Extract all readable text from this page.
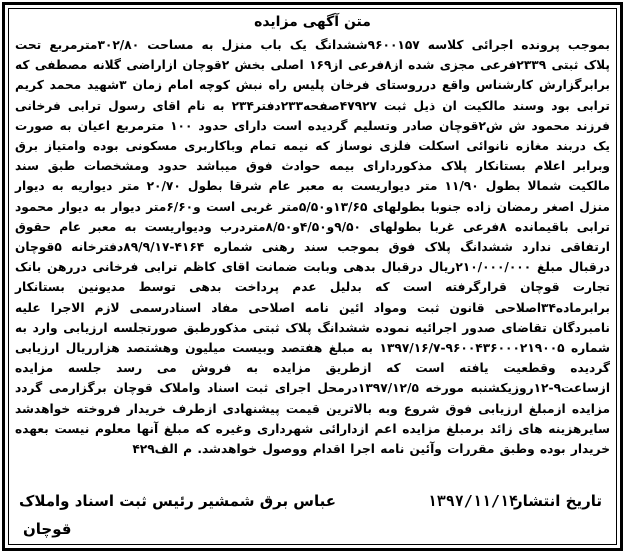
متن آگهی مزایده
بموجب پرونده اجرائی کلاسه ۹۶۰۰۱۵۷ششدانگ یک باب منزل به مساحت ۳۰۲/۸۰مترمربع تحت پلاک ثبتی ۲۳۳۹فرعی مجزی شده از۸فرعی از۱۶۹ اصلی بخش ۲قوچان ازاراضی گلانه مصطفی که برابرگزارش کارشناس واقع درروستای فرخان پلیس راه نبش کوچه امام زمان ۳شهید محمد کریم ترابی بود وسند مالکیت ان ذیل ثبت ۴۷۹۲۷صفحه۲۳۳دفتر۲۳۴ به نام اقای رسول ترابی فرخانی فرزند محمود ش ش۲قوچان صادر وتسلیم گردیده است دارای حدود ۱۰۰ مترمربع اعیان به صورت یک دربند مغازه نانوائی اسکلت فلزی نوساز که نیمه تمام وباکاربری مسکونی بوده وامتیاز برق وبرابر اعلام بستانکار پلاک مذکوردارای بیمه حوادث فوق میباشد حدود ومشخصات طبق سند مالکیت شمالا بطول ۱۱/۹۰ متر دیواریست به معبر عام شرقا بطول ۲۰/۷۰ متر دیواریه به دیوار منزل اصغر رمضان زاده جنوبا بطولهای ۱۳/۶۵و۵/۵۰متر غربی است و۶/۶۰متر دیوار به دیوار محمود ترابی باقیمانده ۸فرعی غربا بطولهای ۹/۵۰و۴/۵۰و۸/۵۰متردرب ودیواریست به معبر عام حقوق ارتفاقی ندارد ششدانگ پلاک فوق بموجب سند رهنی شماره ۴۱۶۴-۸۹/۹/۱۷دفترخانه ۵قوچان درقبال مبلغ ۲۱۰/۰۰۰/۰۰۰ریال درقبال بدهی وبابت ضمانت اقای کاظم ترابی فرخانی دررهن بانک تجارت قوچان قرارگرفته است که بدلیل عدم پرداخت بدهی توسط مدیونین بستانکار برابرماده۳۴اصلاحی قانون ثبت ومواد ائین نامه اصلاحی مفاد اسنادرسمی لازم الاجرا علیه نامبردگان تقاضای صدور اجرائیه نموده ششدانگ پلاک ثبتی مذکورطبق صورتجلسه ارزیابی وارد به شماره ۹۶۰۰۴۳۶۰۰۰۲۱۹۰۰۵-۱۳۹۷/۱۶/۷ به مبلغ هفتصد وبیست میلیون وهشتصد هزارریال ارزیابی گردیده وقطعیت یافته است که ازطریق مزایده به فروش می رسد جلسه مزایده ازساعت۹-۱۲روزیکشنبه مورخه ۱۳۹۷/۱۲/۵درمحل اجرای ثبت اسناد واملاک قوچان برگزارمی گردد مزایده ازمبلغ ارزیابی فوق شروع وبه بالاترین قیمت پیشنهادی ازطرف خریدار فروخته خواهدشد سایرهزینه های زائد برمبلغ مزایده اعم ازدارائی شهرداری وغیره که مبلغ آنها معلوم نیست بعهده خریدار بوده وطبق مقررات وآئین نامه اجرا اقدام ووصول خواهدشد. م الف۴۲۹
تاریخ انتشار
۱۳۹۷/۱۱/۱۴
عباس برق شمشیر رئیس ثبت اسناد واملاک
قوچان
